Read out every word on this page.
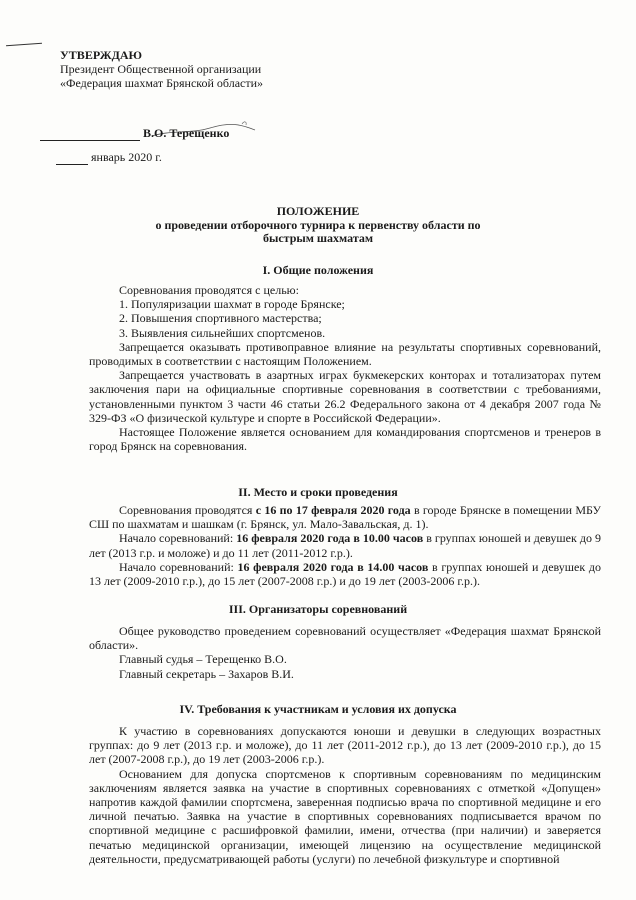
УТВЕРЖДАЮ
Президент Общественной организации
«Федерация шахмат Брянской области»
В.О. Терещенко
январь 2020 г.
ПОЛОЖЕНИЕ
о проведении отборочного турнира к первенству области по
быстрым шахматам
I. Общие положения

Соревнования проводятся с целью:

1. Популяризации шахмат в городе Брянске;

2. Повышения спортивного мастерства;

3. Выявления сильнейших спортсменов.

Запрещается оказывать противоправное влияние на результаты спортивных соревнований, проводимых в соответствии с настоящим Положением.

Запрещается участвовать в азартных играх букмекерских конторах и тотализаторах путем заключения пари на официальные спортивные соревнования в соответствии с требованиями, установленными пунктом 3 части 46 статьи 26.2 Федерального закона от 4 декабря 2007 года № 329-ФЗ «О физической культуре и спорте в Российской Федерации».

Настоящее Положение является основанием для командирования спортсменов и тренеров в город Брянск на соревнования.

II. Место и сроки проведения

Соревнования проводятся с 16 по 17 февраля 2020 года в городе Брянске в помещении МБУ СШ по шахматам и шашкам (г. Брянск, ул. Мало-Завальская, д. 1).

Начало соревнований: 16 февраля 2020 года в 10.00 часов в группах юношей и девушек до 9 лет (2013 г.р. и моложе) и до 11 лет (2011-2012 г.р.).

Начало соревнований: 16 февраля 2020 года в 14.00 часов в группах юношей и девушек до 13 лет (2009-2010 г.р.), до 15 лет (2007-2008 г.р.) и до 19 лет (2003-2006 г.р.).

III. Организаторы соревнований

Общее руководство проведением соревнований осуществляет «Федерация шахмат Брянской области».

Главный судья – Терещенко В.О.

Главный секретарь – Захаров В.И.

IV. Требования к участникам и условия их допуска

К участию в соревнованиях допускаются юноши и девушки в следующих возрастных группах: до 9 лет (2013 г.р. и моложе), до 11 лет (2011-2012 г.р.), до 13 лет (2009-2010 г.р.), до 15 лет (2007-2008 г.р.), до 19 лет (2003-2006 г.р.).

Основанием для допуска спортсменов к спортивным соревнованиям по медицинским заключениям является заявка на участие в спортивных соревнованиях с отметкой «Допущен» напротив каждой фамилии спортсмена, заверенная подписью врача по спортивной медицине и его личной печатью. Заявка на участие в спортивных соревнованиях подписывается врачом по спортивной медицине с расшифровкой фамилии, имени, отчества (при наличии) и заверяется печатью медицинской организации, имеющей лицензию на осуществление медицинской деятельности, предусматривающей работы (услуги) по лечебной физкультуре и спортивной
